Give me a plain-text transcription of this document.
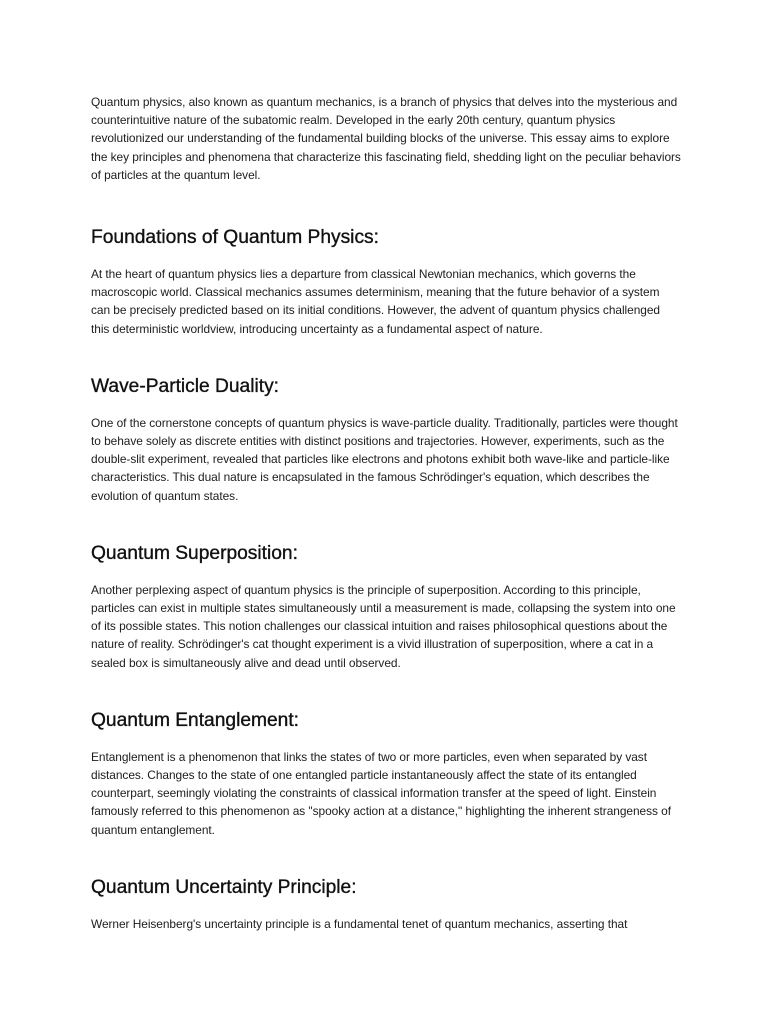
Quantum physics, also known as quantum mechanics, is a branch of physics that delves into the mysterious and counterintuitive nature of the subatomic realm. Developed in the early 20th century, quantum physics revolutionized our understanding of the fundamental building blocks of the universe. This essay aims to explore the key principles and phenomena that characterize this fascinating field, shedding light on the peculiar behaviors of particles at the quantum level.

Foundations of Quantum Physics:

At the heart of quantum physics lies a departure from classical Newtonian mechanics, which governs the macroscopic world. Classical mechanics assumes determinism, meaning that the future behavior of a system can be precisely predicted based on its initial conditions. However, the advent of quantum physics challenged this deterministic worldview, introducing uncertainty as a fundamental aspect of nature.

Wave-Particle Duality:

One of the cornerstone concepts of quantum physics is wave-particle duality. Traditionally, particles were thought to behave solely as discrete entities with distinct positions and trajectories. However, experiments, such as the double-slit experiment, revealed that particles like electrons and photons exhibit both wave-like and particle-like characteristics. This dual nature is encapsulated in the famous Schrödinger's equation, which describes the evolution of quantum states.

Quantum Superposition:

Another perplexing aspect of quantum physics is the principle of superposition. According to this principle, particles can exist in multiple states simultaneously until a measurement is made, collapsing the system into one of its possible states. This notion challenges our classical intuition and raises philosophical questions about the nature of reality. Schrödinger's cat thought experiment is a vivid illustration of superposition, where a cat in a sealed box is simultaneously alive and dead until observed.

Quantum Entanglement:

Entanglement is a phenomenon that links the states of two or more particles, even when separated by vast distances. Changes to the state of one entangled particle instantaneously affect the state of its entangled counterpart, seemingly violating the constraints of classical information transfer at the speed of light. Einstein famously referred to this phenomenon as "spooky action at a distance," highlighting the inherent strangeness of quantum entanglement.

Quantum Uncertainty Principle:

Werner Heisenberg's uncertainty principle is a fundamental tenet of quantum mechanics, asserting that
